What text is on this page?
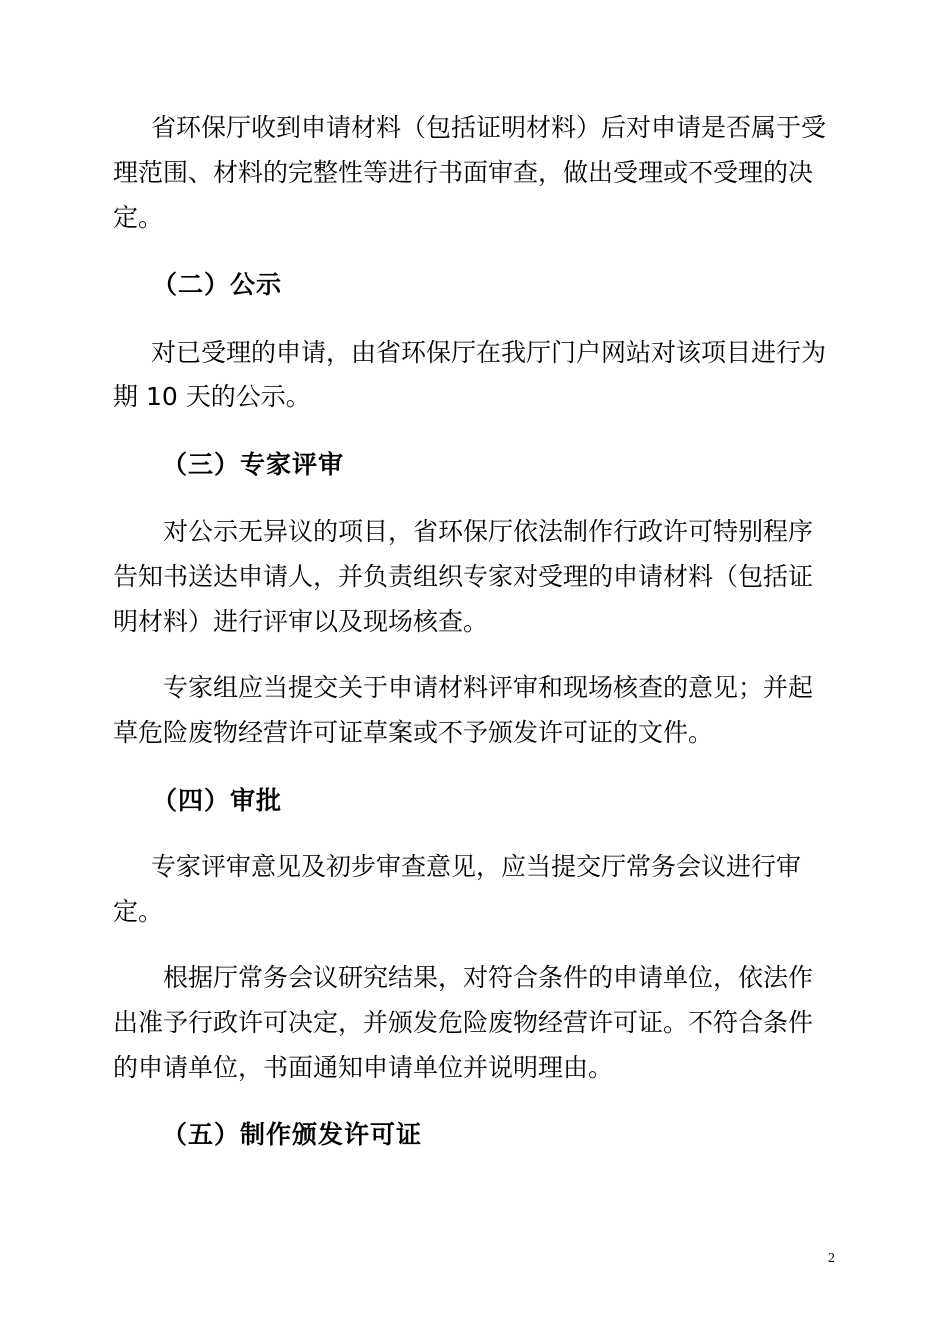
省环保厅收到申请材料（包括证明材料）后对申请是否属于受

理范围、材料的完整性等进行书面审查，做出受理或不受理的决

定。

（二）公示

对已受理的申请，由省环保厅在我厅门户网站对该项目进行为

期 10 天的公示。

（三）专家评审

对公示无异议的项目，省环保厅依法制作行政许可特别程序

告知书送达申请人，并负责组织专家对受理的申请材料（包括证

明材料）进行评审以及现场核查。

专家组应当提交关于申请材料评审和现场核查的意见；并起

草危险废物经营许可证草案或不予颁发许可证的文件。

（四）审批

专家评审意见及初步审查意见，应当提交厅常务会议进行审

定。

根据厅常务会议研究结果，对符合条件的申请单位，依法作

出准予行政许可决定，并颁发危险废物经营许可证。不符合条件

的申请单位，书面通知申请单位并说明理由。

（五）制作颁发许可证

2
